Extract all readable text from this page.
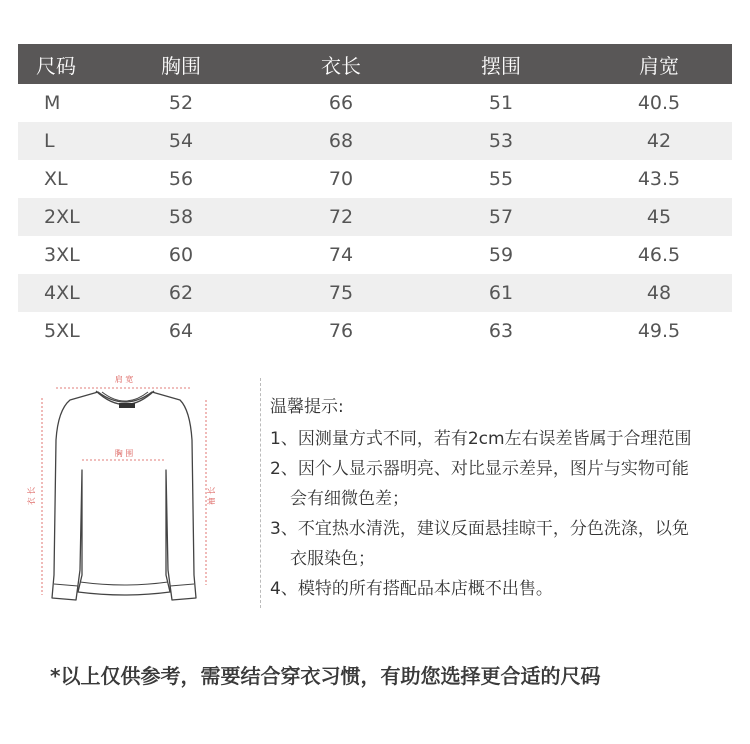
尺码	胸围	衣长	摆围	肩宽
M	52	66	51	40.5
L	54	68	53	42
XL	56	70	55	43.5
2XL	58	72	57	45
3XL	60	74	59	46.5
4XL	62	75	61	48
5XL	64	76	63	49.5
肩 宽
胸 围
衣 长	袖 长
温馨提示:
1、因测量方式不同，若有2cm左右误差皆属于合理范围
2、因个人显示器明亮、对比显示差异，图片与实物可能
会有细微色差；
3、不宜热水清洗，建议反面悬挂晾干，分色洗涤，以免
衣服染色；
4、模特的所有搭配品本店概不出售。
*以上仅供参考，需要结合穿衣习惯，有助您选择更合适的尺码
